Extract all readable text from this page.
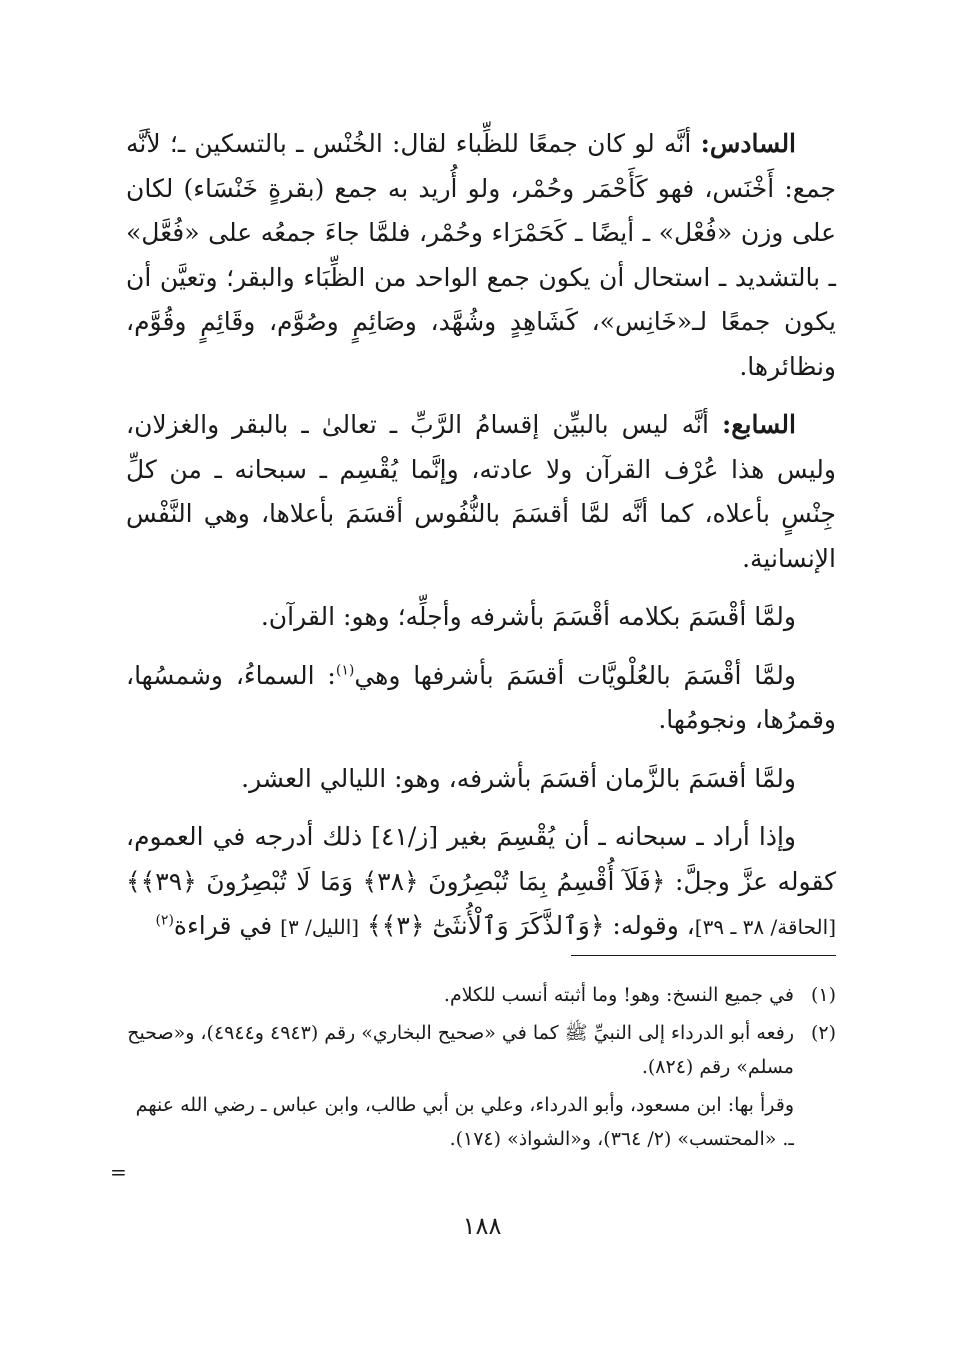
السادس: أنَّه لو كان جمعًا للظِّباء لقال: الخُنْس ـ بالتسكين ـ؛ لأنَّه جمع: أَخْنَس، فهو كَأَحْمَر وحُمْر، ولو أُريد به جمع (بقرةٍ خَنْسَاء) لكان على وزن «فُعْل» ـ أيضًا ـ كَحَمْرَاء وحُمْر، فلمَّا جاءَ جمعُه على «فُعَّل» ـ بالتشديد ـ استحال أن يكون جمع الواحد من الظِّبَاء والبقر؛ وتعيَّن أن يكون جمعًا لـ«خَانِس»، كَشَاهِدٍ وشُهَّد، وصَائِمٍ وصُوَّم، وقَائِمٍ وقُوَّم، ونظائرها.

السابع: أنَّه ليس بالبيِّن إقسامُ الرَّبِّ ـ تعالىٰ ـ بالبقر والغزلان، وليس هذا عُرْف القرآن ولا عادته، وإنَّما يُقْسِم ـ سبحانه ـ من كلِّ جِنْسٍ بأعلاه، كما أنَّه لمَّا أقسَمَ بالنُّفُوس أقسَمَ بأعلاها، وهي النَّفْس الإنسانية.

ولمَّا أقْسَمَ بكلامه أقْسَمَ بأشرفه وأجلِّه؛ وهو: القرآن.

ولمَّا أقْسَمَ بالعُلْويَّات أقسَمَ بأشرفها وهي$^{(١)}$: السماءُ، وشمسُها، وقمرُها، ونجومُها.

ولمَّا أقسَمَ بالزَّمان أقسَمَ بأشرفه، وهو: الليالي العشر.

وإذا أراد ـ سبحانه ـ أن يُقْسِمَ بغير [ز/٤١] ذلك أدرجه في العموم، كقوله عزَّ وجلَّ: ﴿فَلَآ أُقْسِمُ بِمَا تُبْصِرُونَ ﴿٣٨﴾ وَمَا لَا تُبْصِرُونَ ﴿٣٩﴾﴾ [الحاقة/ ٣٨ ـ ٣٩]، وقوله: ﴿وَٱلذَّكَرَ وَٱلْأُنثَىٰٓ ﴿٣﴾﴾ [الليل/ ٣] في قراءة$^{(٢)}$

(١)
في جميع النسخ: وهو! وما أثبته أنسب للكلام.
(٢)
رفعه أبو الدرداء إلى النبيِّ ﷺ كما في «صحيح البخاري» رقم (٤٩٤٣ و٤٩٤٤)، و«صحيح مسلم» رقم (٨٢٤).
وقرأ بها: ابن مسعود، وأبو الدرداء، وعلي بن أبي طالب، وابن عباس ـ رضي الله عنهم ـ. «المحتسب» (٢/ ٣٦٤)، و«الشواذ» (١٧٤).
=
١٨٨
